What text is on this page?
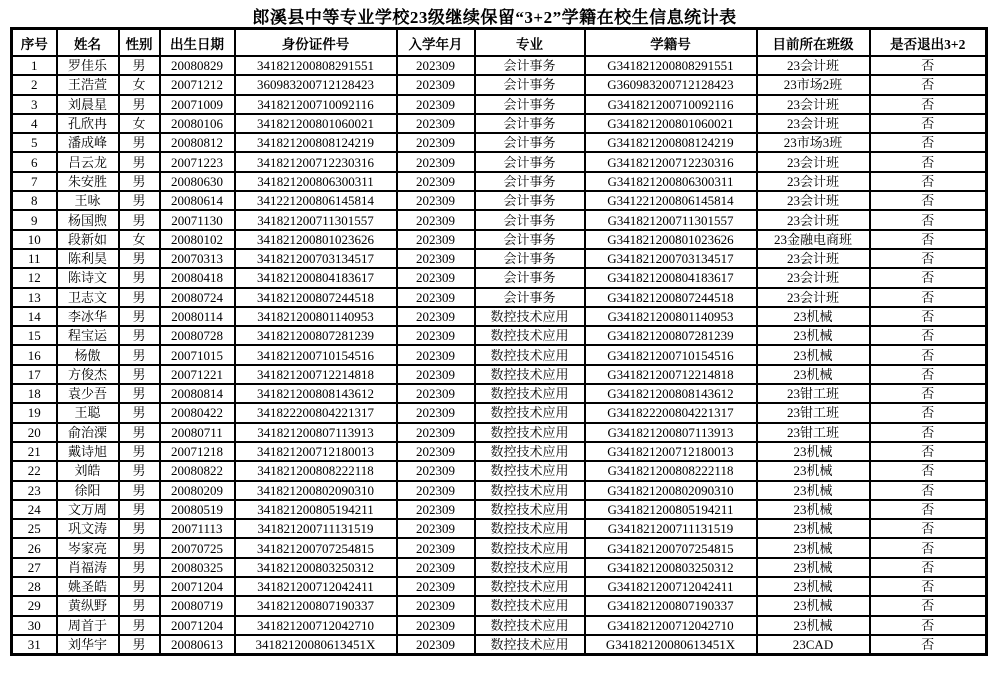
郎溪县中等专业学校23级继续保留“3+2”学籍在校生信息统计表
序号	姓名	性别	出生日期	身份证件号	入学年月	专业	学籍号	目前所在班级	是否退出3+2
1	罗佳乐	男	20080829	341821200808291551	202309	会计事务	G341821200808291551	23会计班	否
2	王浩萱	女	20071212	360983200712128423	202309	会计事务	G360983200712128423	23市场2班	否
3	刘晨星	男	20071009	341821200710092116	202309	会计事务	G341821200710092116	23会计班	否
4	孔欣冉	女	20080106	341821200801060021	202309	会计事务	G341821200801060021	23会计班	否
5	潘成峰	男	20080812	341821200808124219	202309	会计事务	G341821200808124219	23市场3班	否
6	吕云龙	男	20071223	341821200712230316	202309	会计事务	G341821200712230316	23会计班	否
7	朱安胜	男	20080630	341821200806300311	202309	会计事务	G341821200806300311	23会计班	否
8	王咏	男	20080614	341221200806145814	202309	会计事务	G341221200806145814	23会计班	否
9	杨国煦	男	20071130	341821200711301557	202309	会计事务	G341821200711301557	23会计班	否
10	段新如	女	20080102	341821200801023626	202309	会计事务	G341821200801023626	23金融电商班	否
11	陈利昊	男	20070313	341821200703134517	202309	会计事务	G341821200703134517	23会计班	否
12	陈诗文	男	20080418	341821200804183617	202309	会计事务	G341821200804183617	23会计班	否
13	卫志文	男	20080724	341821200807244518	202309	会计事务	G341821200807244518	23会计班	否
14	李冰华	男	20080114	341821200801140953	202309	数控技术应用	G341821200801140953	23机械	否
15	程宝运	男	20080728	341821200807281239	202309	数控技术应用	G341821200807281239	23机械	否
16	杨傲	男	20071015	341821200710154516	202309	数控技术应用	G341821200710154516	23机械	否
17	方俊杰	男	20071221	341821200712214818	202309	数控技术应用	G341821200712214818	23机械	否
18	袁少吾	男	20080814	341821200808143612	202309	数控技术应用	G341821200808143612	23钳工班	否
19	王聪	男	20080422	341822200804221317	202309	数控技术应用	G341822200804221317	23钳工班	否
20	俞治溧	男	20080711	341821200807113913	202309	数控技术应用	G341821200807113913	23钳工班	否
21	戴诗旭	男	20071218	341821200712180013	202309	数控技术应用	G341821200712180013	23机械	否
22	刘皓	男	20080822	341821200808222118	202309	数控技术应用	G341821200808222118	23机械	否
23	徐阳	男	20080209	341821200802090310	202309	数控技术应用	G341821200802090310	23机械	否
24	文万周	男	20080519	341821200805194211	202309	数控技术应用	G341821200805194211	23机械	否
25	巩文涛	男	20071113	341821200711131519	202309	数控技术应用	G341821200711131519	23机械	否
26	岑家亮	男	20070725	341821200707254815	202309	数控技术应用	G341821200707254815	23机械	否
27	肖福涛	男	20080325	341821200803250312	202309	数控技术应用	G341821200803250312	23机械	否
28	姚圣皓	男	20071204	341821200712042411	202309	数控技术应用	G341821200712042411	23机械	否
29	黄纵野	男	20080719	341821200807190337	202309	数控技术应用	G341821200807190337	23机械	否
30	周首于	男	20071204	341821200712042710	202309	数控技术应用	G341821200712042710	23机械	否
31	刘华宇	男	20080613	34182120080613451X	202309	数控技术应用	G34182120080613451X	23CAD	否
